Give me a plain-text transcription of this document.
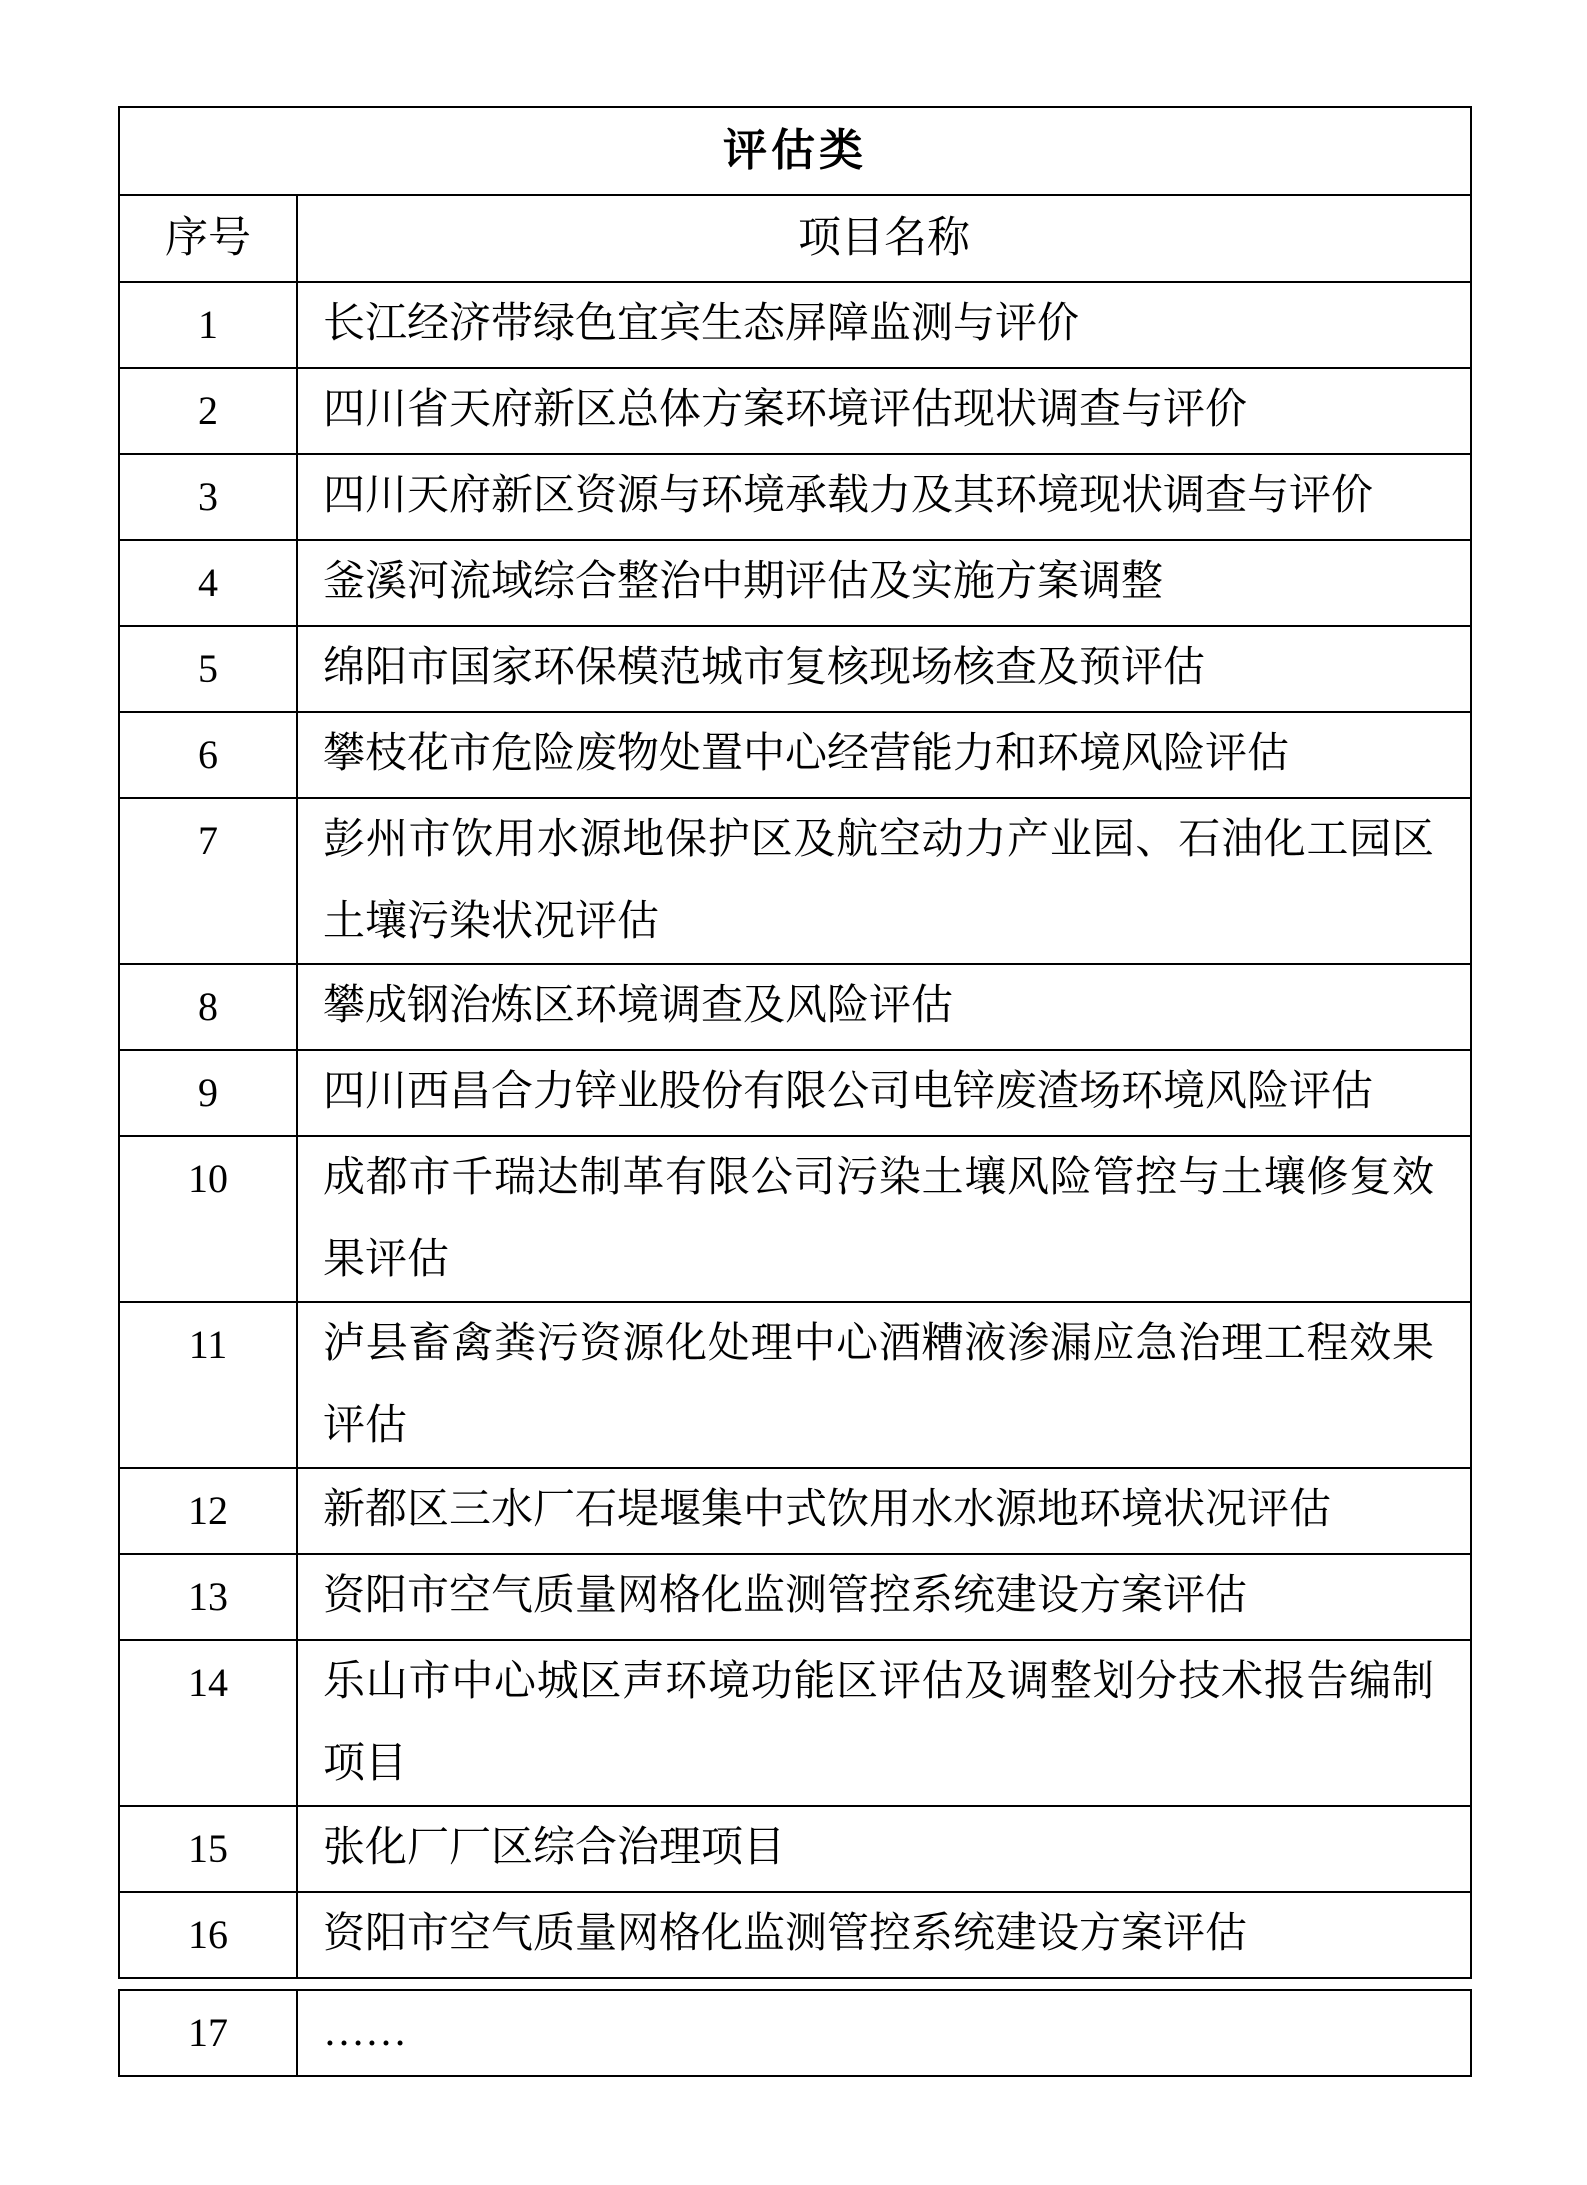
评估类	
序号	项目名称
1	长江经济带绿色宜宾生态屏障监测与评价
2	四川省天府新区总体方案环境评估现状调查与评价
3	四川天府新区资源与环境承载力及其环境现状调查与评价
4	釜溪河流域综合整治中期评估及实施方案调整
5	绵阳市国家环保模范城市复核现场核查及预评估
6	攀枝花市危险废物处置中心经营能力和环境风险评估
7	彭州市饮用水源地保护区及航空动力产业园、石油化工园区土壤污染状况评估
8	攀成钢治炼区环境调查及风险评估
9	四川西昌合力锌业股份有限公司电锌废渣场环境风险评估
10	成都市千瑞达制革有限公司污染土壤风险管控与土壤修复效果评估
11	泸县畜禽粪污资源化处理中心酒糟液渗漏应急治理工程效果评估
12	新都区三水厂石堤堰集中式饮用水水源地环境状况评估
13	资阳市空气质量网格化监测管控系统建设方案评估
14	乐山市中心城区声环境功能区评估及调整划分技术报告编制项目
15	张化厂厂区综合治理项目
16	资阳市空气质量网格化监测管控系统建设方案评估
17	……
